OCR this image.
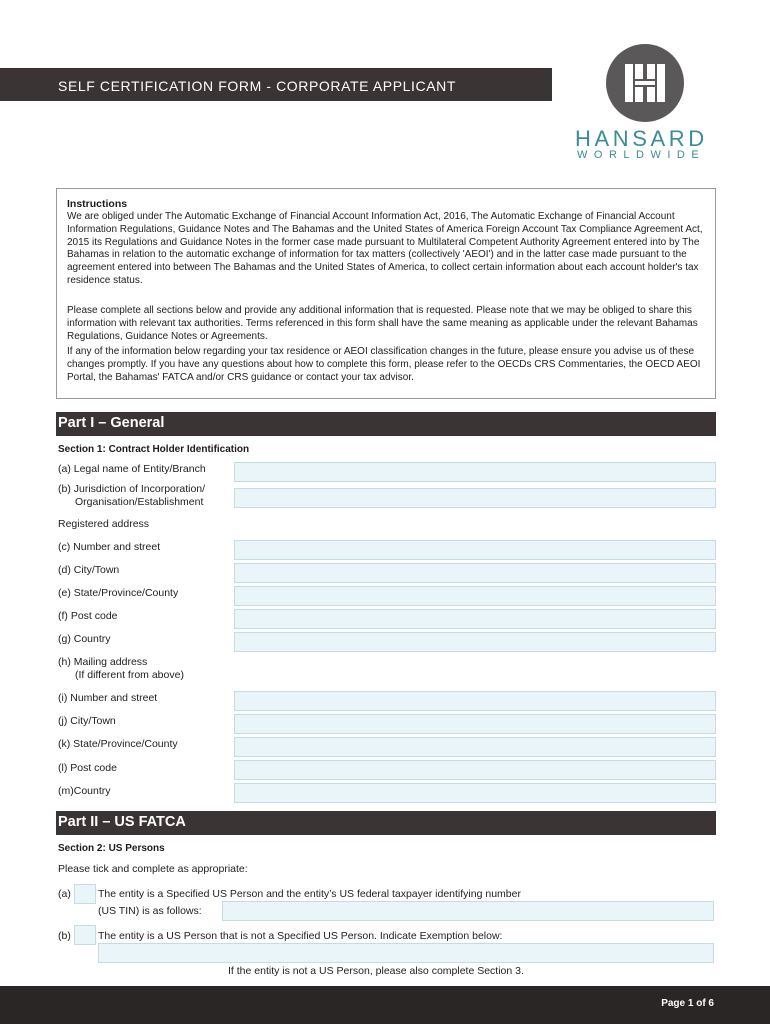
SELF CERTIFICATION FORM - CORPORATE APPLICANT
HANSARD
WORLDWIDE
Instructions
We are obliged under The Automatic Exchange of Financial Account Information Act, 2016, The Automatic Exchange of Financial Account Information Regulations, Guidance Notes and The Bahamas and the United States of America Foreign Account Tax Compliance Agreement Act, 2015 its Regulations and Guidance Notes in the former case made pursuant to Multilateral Competent Authority Agreement entered into by The Bahamas in relation to the automatic exchange of information for tax matters (collectively 'AEOI') and in the latter case made pursuant to the agreement entered into between The Bahamas and the United States of America, to collect certain information about each account holder's tax residence status.
Please complete all sections below and provide any additional information that is requested. Please note that we may be obliged to share this information with relevant tax authorities. Terms referenced in this form shall have the same meaning as applicable under the relevant Bahamas Regulations, Guidance Notes or Agreements.
If any of the information below regarding your tax residence or AEOI classification changes in the future, please ensure you advise us of these changes promptly. If you have any questions about how to complete this form, please refer to the OECDs CRS Commentaries, the OECD AEOI Portal, the Bahamas' FATCA and/or CRS guidance or contact your tax advisor.
Part I – General
Section 1: Contract Holder Identification
(a) Legal name of Entity/Branch
(b) Jurisdiction of Incorporation/
Organisation/Establishment
Registered address
(c) Number and street
(d) City/Town
(e) State/Province/County
(f) Post code
(g) Country
(h) Mailing address
(If different from above)
(i) Number and street
(j) City/Town
(k) State/Province/County
(l) Post code
(m)Country
Part II – US FATCA
Section 2: US Persons
Please tick and complete as appropriate:
(a)	The entity is a Specified US Person and the entity’s US federal taxpayer identifying number
(US TIN) is as follows:
(b)	The entity is a US Person that is not a Specified US Person. Indicate Exemption below:
If the entity is not a US Person, please also complete Section 3.
Page 1 of 6
